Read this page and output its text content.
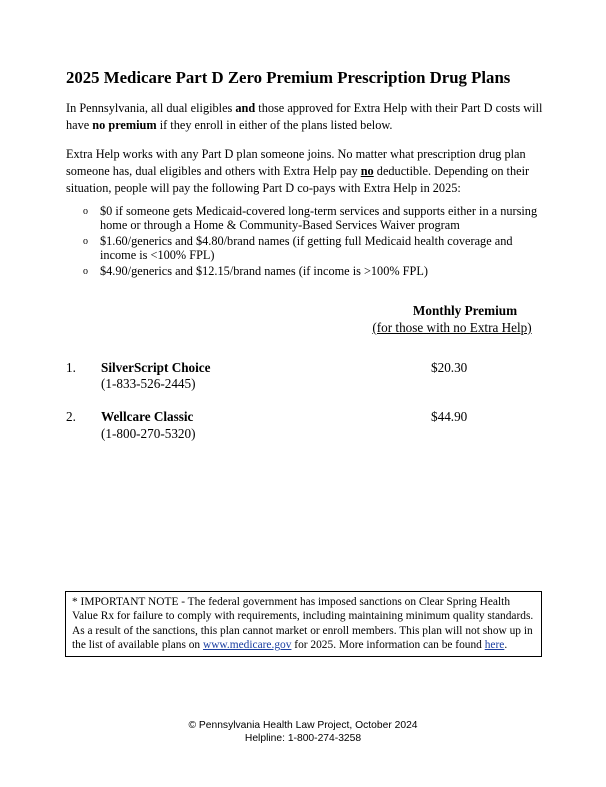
2025 Medicare Part D Zero Premium Prescription Drug Plans
In Pennsylvania, all dual eligibles and those approved for Extra Help with their Part D costs will have no premium if they enroll in either of the plans listed below.
Extra Help works with any Part D plan someone joins. No matter what prescription drug plan someone has, dual eligibles and others with Extra Help pay no deductible. Depending on their situation, people will pay the following Part D co-pays with Extra Help in 2025:
o $0 if someone gets Medicaid-covered long-term services and supports either in a nursing home or through a Home & Community-Based Services Waiver program
o $1.60/generics and $4.80/brand names (if getting full Medicaid health coverage and income is <100% FPL)
o $4.90/generics and $12.15/brand names (if income is >100% FPL)
Monthly Premium
(for those with no Extra Help)
1. SilverScript Choice
(1-833-526-2445)
$20.30
2. Wellcare Classic
(1-800-270-5320)
$44.90
* IMPORTANT NOTE - The federal government has imposed sanctions on Clear Spring Health Value Rx for failure to comply with requirements, including maintaining minimum quality standards. As a result of the sanctions, this plan cannot market or enroll members. This plan will not show up in the list of available plans on www.medicare.gov for 2025. More information can be found here.
© Pennsylvania Health Law Project, October 2024
Helpline: 1-800-274-3258
